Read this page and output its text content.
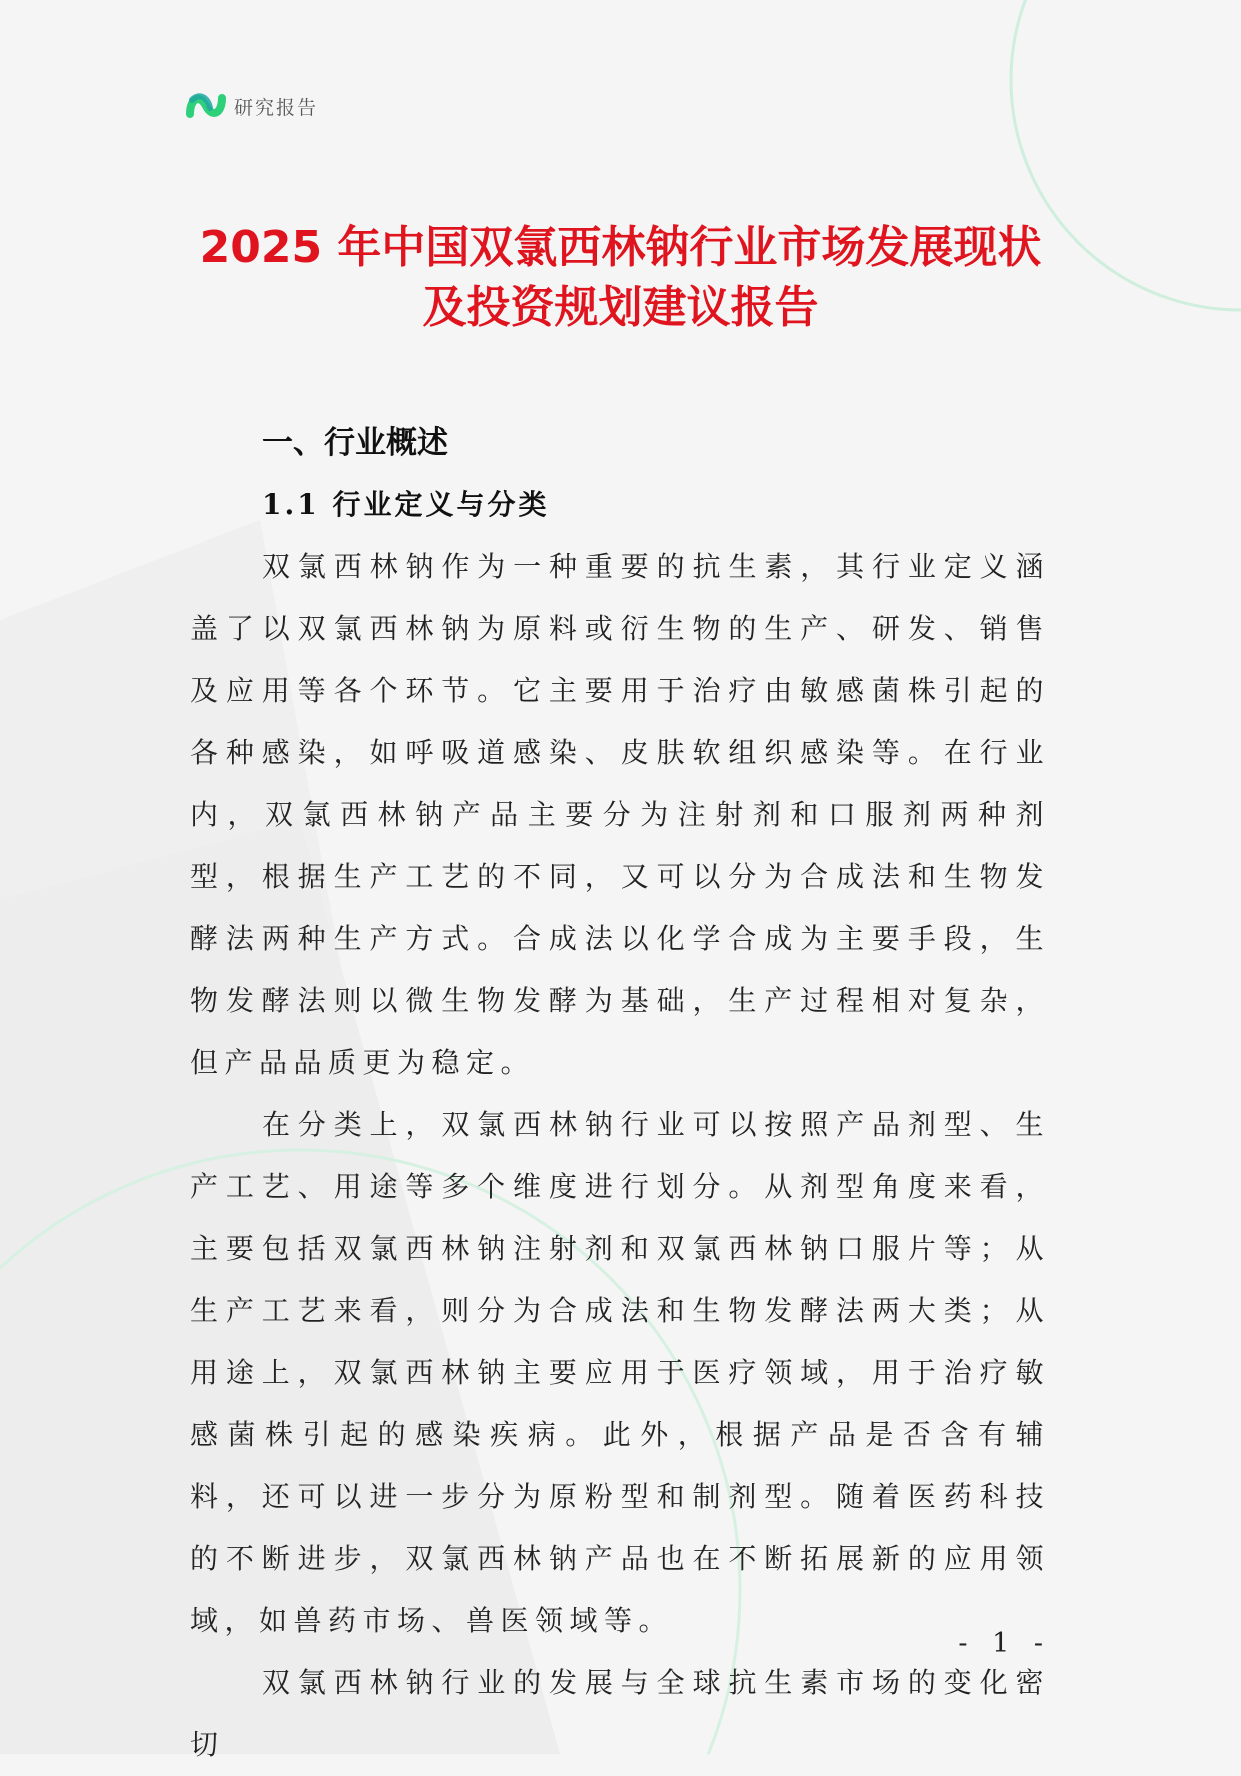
研究报告
2025 年中国双氯西林钠行业市场发展现状
及投资规划建议报告
一、行业概述
1.1 行业定义与分类

双氯西林钠作为一种重要的抗生素，其行业定义涵盖了以双氯西林钠为原料或衍生物的生产、研发、销售及应用等各个环节。它主要用于治疗由敏感菌株引起的各种感染，如呼吸道感染、皮肤软组织感染等。在行业内，双氯西林钠产品主要分为注射剂和口服剂两种剂型，根据生产工艺的不同，又可以分为合成法和生物发酵法两种生产方式。合成法以化学合成为主要手段，生物发酵法则以微生物发酵为基础，生产过程相对复杂，但产品品质更为稳定。

在分类上，双氯西林钠行业可以按照产品剂型、生产工艺、用途等多个维度进行划分。从剂型角度来看，主要包括双氯西林钠注射剂和双氯西林钠口服片等；从生产工艺来看，则分为合成法和生物发酵法两大类；从用途上，双氯西林钠主要应用于医疗领域，用于治疗敏感菌株引起的感染疾病。此外，根据产品是否含有辅料，还可以进一步分为原粉型和制剂型。随着医药科技的不断进步，双氯西林钠产品也在不断拓展新的应用领域，如兽药市场、兽医领域等。

双氯西林钠行业的发展与全球抗生素市场的变化密切

- 1 -
